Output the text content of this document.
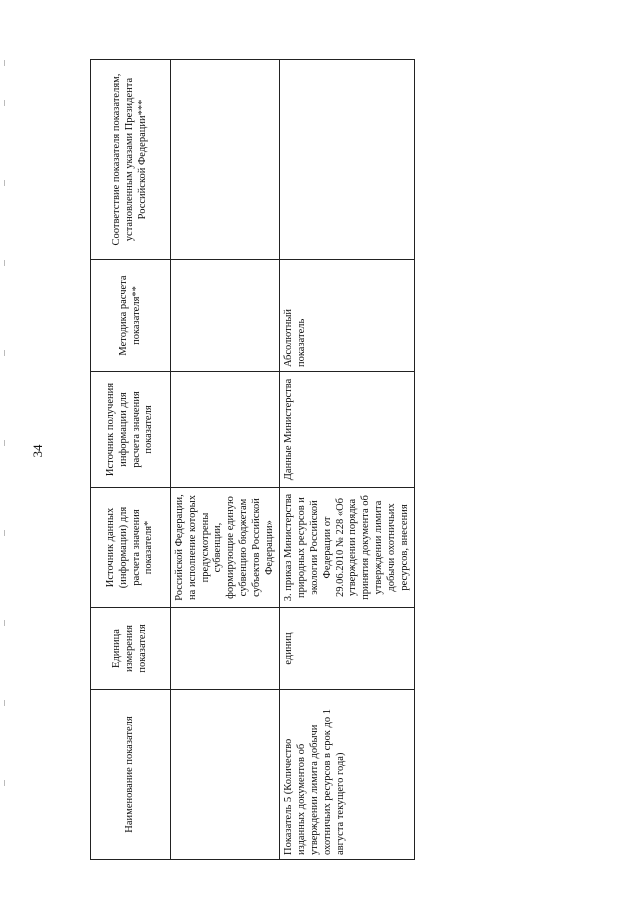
34
Наименование показателя	Единица измерения показателя	Источник данных (информации) для расчета значения показателя*	Источник получения информации для расчета значения показателя	Методика расчета показателя**	Соответствие показателя показателям, установленным указами Президента Российской Федерации***
		Российской Федерации, на исполнение которых предусмотрены субвенции, формирующие единую субвенцию бюджетам субъектов Российской Федерации»			
Показатель 5 (Количество изданных документов об утверждении лимита добычи охотничьих ресурсов в срок до 1 августа текущего года)	единиц	3. приказ Министерства природных ресурсов и экологии Российской Федерации от 29.06.2010 № 228 «Об утверждении порядка принятия документа об утверждении лимита добычи охотничьих ресурсов, внесения	Данные Министерства	Абсолютный показатель	
